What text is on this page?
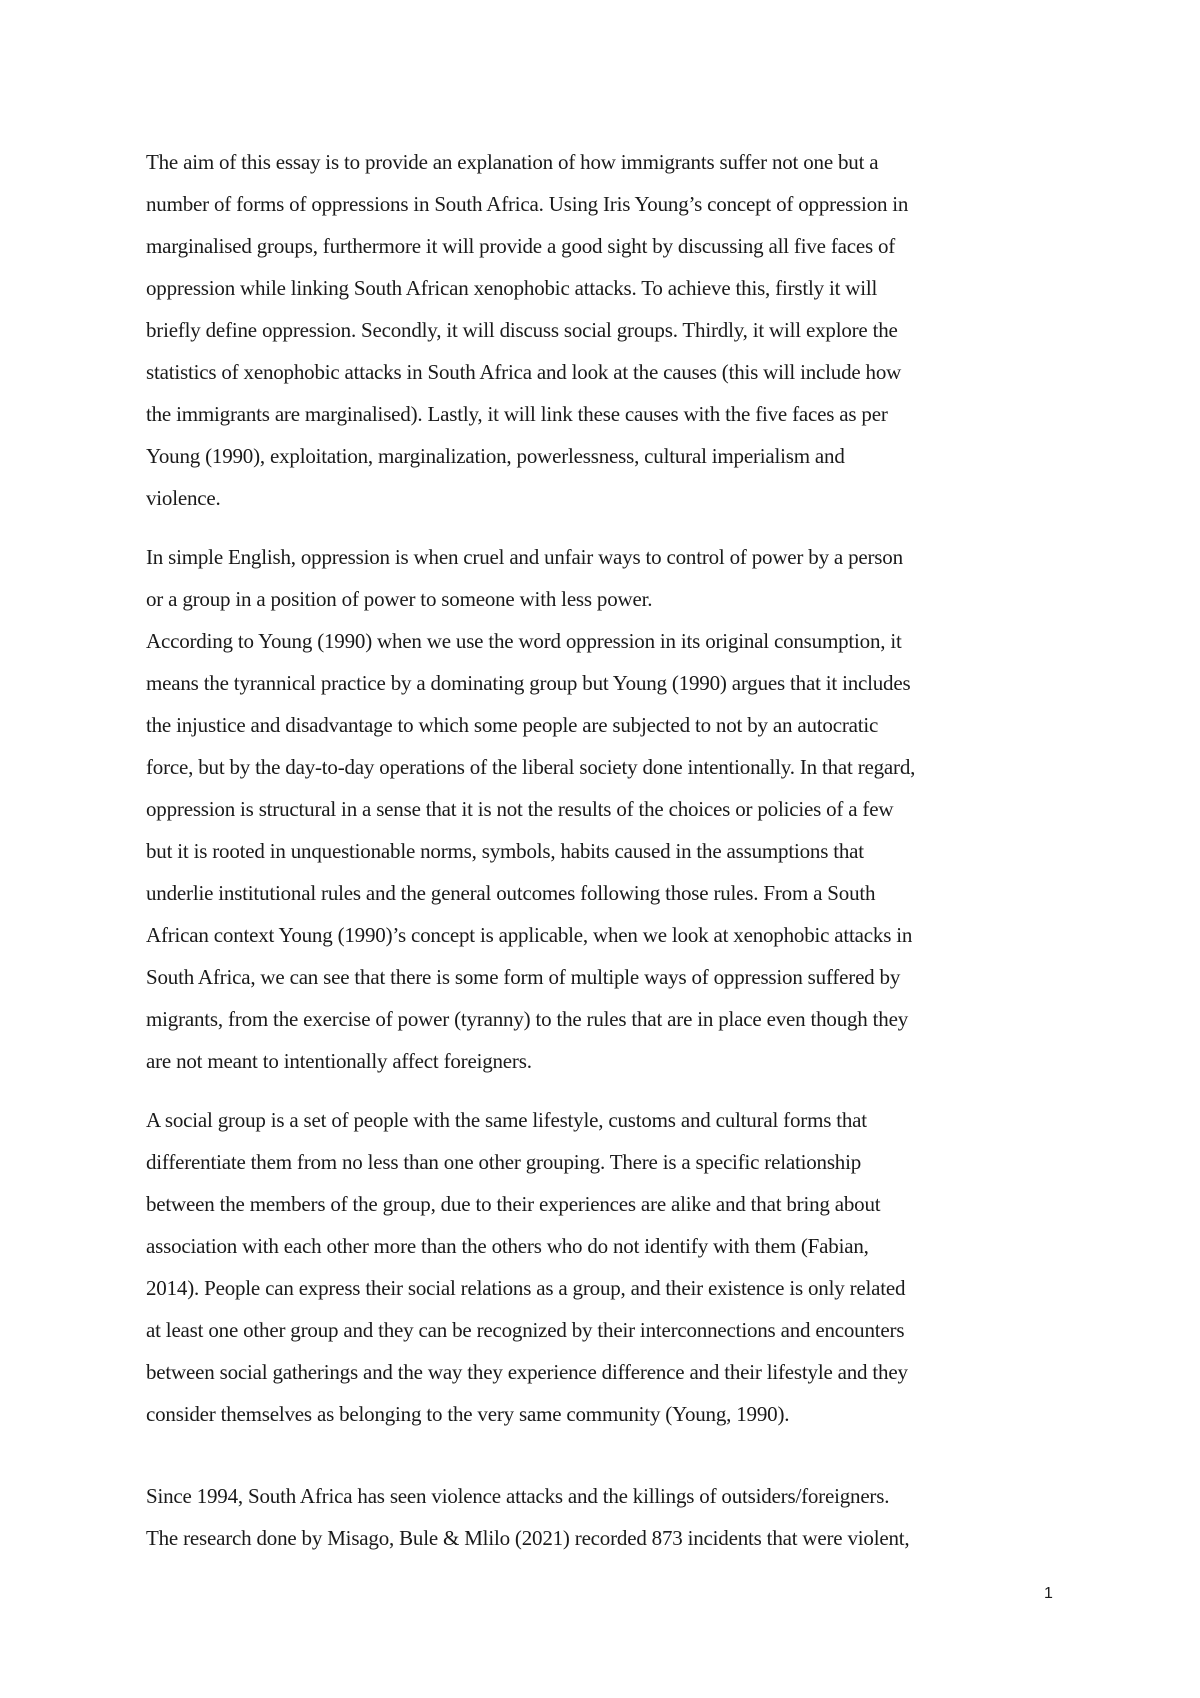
The aim of this essay is to provide an explanation of how immigrants suffer not one but a
number of forms of oppressions in South Africa. Using Iris Young’s concept of oppression in
marginalised groups, furthermore it will provide a good sight by discussing all five faces of
oppression while linking South African xenophobic attacks. To achieve this, firstly it will
briefly define oppression. Secondly, it will discuss social groups. Thirdly, it will explore the
statistics of xenophobic attacks in South Africa and look at the causes (this will include how
the immigrants are marginalised). Lastly, it will link these causes with the five faces as per
Young (1990), exploitation, marginalization, powerlessness, cultural imperialism and
violence.
In simple English, oppression is when cruel and unfair ways to control of power by a person
or a group in a position of power to someone with less power.
According to Young (1990) when we use the word oppression in its original consumption, it
means the tyrannical practice by a dominating group but Young (1990) argues that it includes
the injustice and disadvantage to which some people are subjected to not by an autocratic
force, but by the day-to-day operations of the liberal society done intentionally. In that regard,
oppression is structural in a sense that it is not the results of the choices or policies of a few
but it is rooted in unquestionable norms, symbols, habits caused in the assumptions that
underlie institutional rules and the general outcomes following those rules. From a South
African context Young (1990)’s concept is applicable, when we look at xenophobic attacks in
South Africa, we can see that there is some form of multiple ways of oppression suffered by
migrants, from the exercise of power (tyranny) to the rules that are in place even though they
are not meant to intentionally affect foreigners.
A social group is a set of people with the same lifestyle, customs and cultural forms that
differentiate them from no less than one other grouping. There is a specific relationship
between the members of the group, due to their experiences are alike and that bring about
association with each other more than the others who do not identify with them (Fabian,
2014). People can express their social relations as a group, and their existence is only related
at least one other group and they can be recognized by their interconnections and encounters
between social gatherings and the way they experience difference and their lifestyle and they
consider themselves as belonging to the very same community (Young, 1990).
Since 1994, South Africa has seen violence attacks and the killings of outsiders/foreigners.
The research done by Misago, Bule & Mlilo (2021) recorded 873 incidents that were violent,
1
